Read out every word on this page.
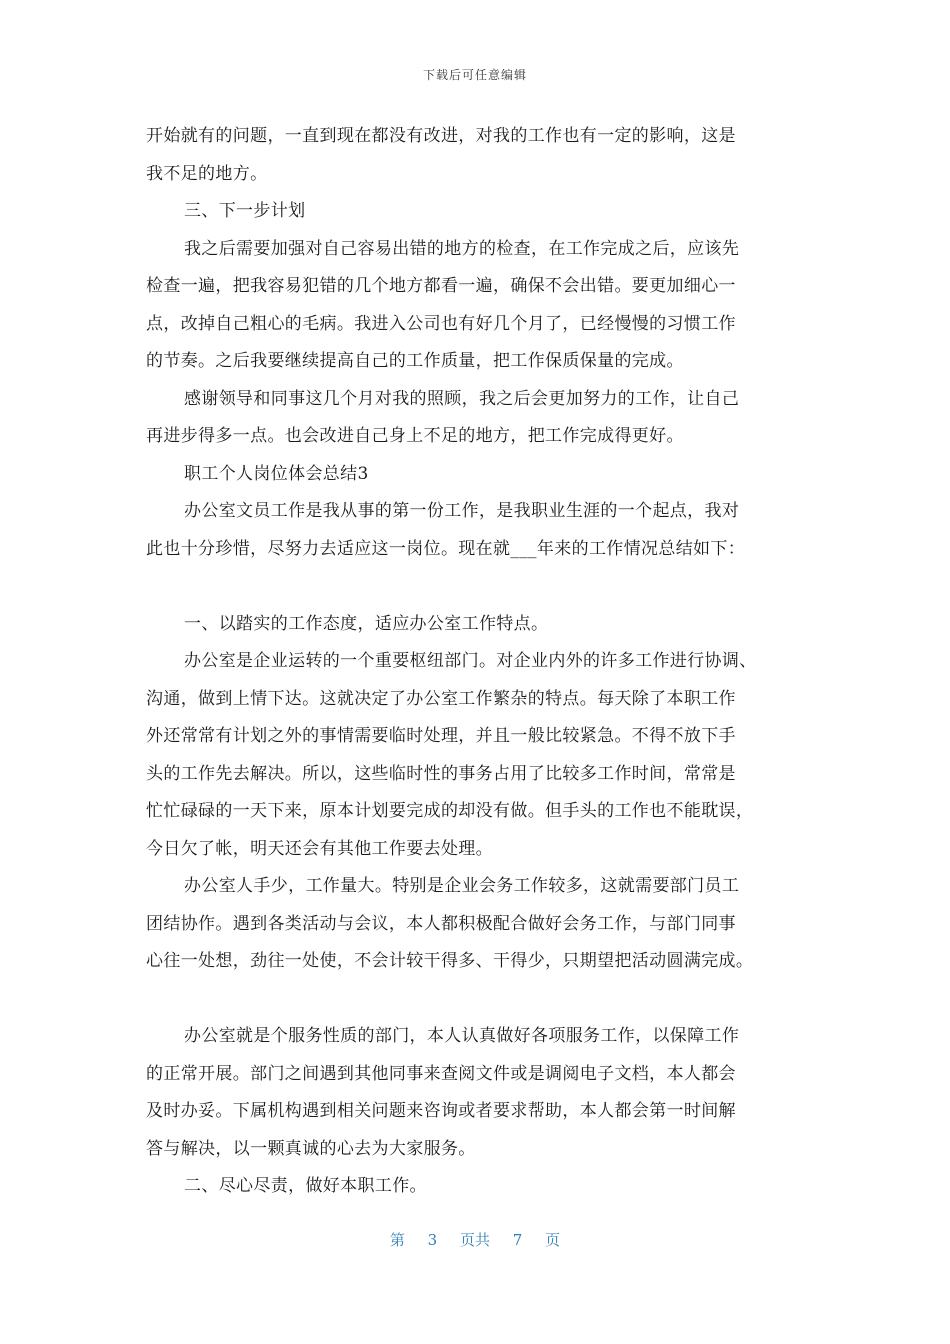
下载后可任意编辑
开始就有的问题，一直到现在都没有改进，对我的工作也有一定的影响，这是
我不足的地方。
三、下一步计划
我之后需要加强对自己容易出错的地方的检查，在工作完成之后，应该先
检查一遍，把我容易犯错的几个地方都看一遍，确保不会出错。要更加细心一
点，改掉自己粗心的毛病。我进入公司也有好几个月了，已经慢慢的习惯工作
的节奏。之后我要继续提高自己的工作质量，把工作保质保量的完成。
感谢领导和同事这几个月对我的照顾，我之后会更加努力的工作，让自己
再进步得多一点。也会改进自己身上不足的地方，把工作完成得更好。
职工个人岗位体会总结3
办公室文员工作是我从事的第一份工作，是我职业生涯的一个起点，我对
此也十分珍惜，尽努力去适应这一岗位。现在就___年来的工作情况总结如下：
一、以踏实的工作态度，适应办公室工作特点。
办公室是企业运转的一个重要枢纽部门。对企业内外的许多工作进行协调、
沟通，做到上情下达。这就决定了办公室工作繁杂的特点。每天除了本职工作
外还常常有计划之外的事情需要临时处理，并且一般比较紧急。不得不放下手
头的工作先去解决。所以，这些临时性的事务占用了比较多工作时间，常常是
忙忙碌碌的一天下来，原本计划要完成的却没有做。但手头的工作也不能耽误，
今日欠了帐，明天还会有其他工作要去处理。
办公室人手少，工作量大。特别是企业会务工作较多，这就需要部门员工
团结协作。遇到各类活动与会议，本人都积极配合做好会务工作，与部门同事
心往一处想，劲往一处使，不会计较干得多、干得少，只期望把活动圆满完成。
办公室就是个服务性质的部门，本人认真做好各项服务工作，以保障工作
的正常开展。部门之间遇到其他同事来查阅文件或是调阅电子文档，本人都会
及时办妥。下属机构遇到相关问题来咨询或者要求帮助，本人都会第一时间解
答与解决，以一颗真诚的心去为大家服务。
二、尽心尽责，做好本职工作。
第 3 页共 7 页
